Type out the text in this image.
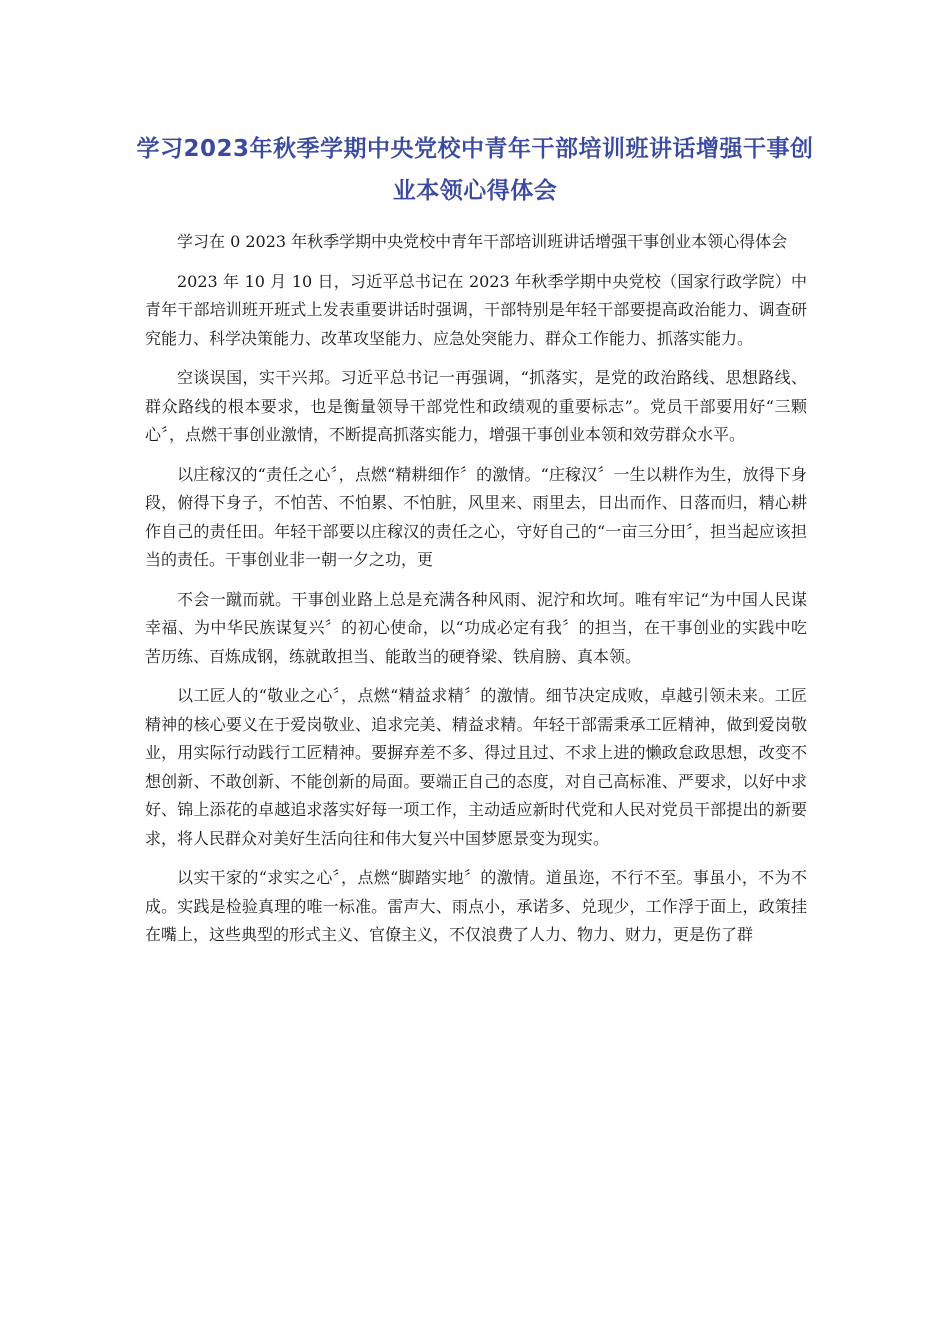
学习2023年秋季学期中央党校中青年干部培训班讲话增强干事创业本领心得体会

学习在 0 2023 年秋季学期中央党校中青年干部培训班讲话增强干事创业本领心得体会

2023 年 10 月 10 日，习近平总书记在 2023 年秋季学期中央党校（国家行政学院）中青年干部培训班开班式上发表重要讲话时强调，干部特别是年轻干部要提高政治能力、调查研究能力、科学决策能力、改革攻坚能力、应急处突能力、群众工作能力、抓落实能力。

空谈误国，实干兴邦。习近平总书记一再强调，“抓落实，是党的政治路线、思想路线、群众路线的根本要求，也是衡量领导干部党性和政绩观的重要标志”。党员干部要用好“三颗心〞，点燃干事创业激情，不断提高抓落实能力，增强干事创业本领和效劳群众水平。

以庄稼汉的“责任之心〞，点燃“精耕细作〞的激情。“庄稼汉〞一生以耕作为生，放得下身段，俯得下身子，不怕苦、不怕累、不怕脏，风里来、雨里去，日出而作、日落而归，精心耕作自己的责任田。年轻干部要以庄稼汉的责任之心，守好自己的“一亩三分田〞，担当起应该担当的责任。干事创业非一朝一夕之功，更

不会一蹴而就。干事创业路上总是充满各种风雨、泥泞和坎坷。唯有牢记“为中国人民谋幸福、为中华民族谋复兴〞的初心使命，以“功成必定有我〞的担当，在干事创业的实践中吃苦历练、百炼成钢，练就敢担当、能敢当的硬脊梁、铁肩膀、真本领。

以工匠人的“敬业之心〞，点燃“精益求精〞的激情。细节决定成败，卓越引领未来。工匠精神的核心要义在于爱岗敬业、追求完美、精益求精。年轻干部需秉承工匠精神，做到爱岗敬业，用实际行动践行工匠精神。要摒弃差不多、得过且过、不求上进的懒政怠政思想，改变不想创新、不敢创新、不能创新的局面。要端正自己的态度，对自己高标准、严要求，以好中求好、锦上添花的卓越追求落实好每一项工作，主动适应新时代党和人民对党员干部提出的新要求，将人民群众对美好生活向往和伟大复兴中国梦愿景变为现实。

以实干家的“求实之心〞，点燃“脚踏实地〞的激情。道虽迩，不行不至。事虽小，不为不成。实践是检验真理的唯一标准。雷声大、雨点小，承诺多、兑现少，工作浮于面上，政策挂在嘴上，这些典型的形式主义、官僚主义，不仅浪费了人力、物力、财力，更是伤了群
